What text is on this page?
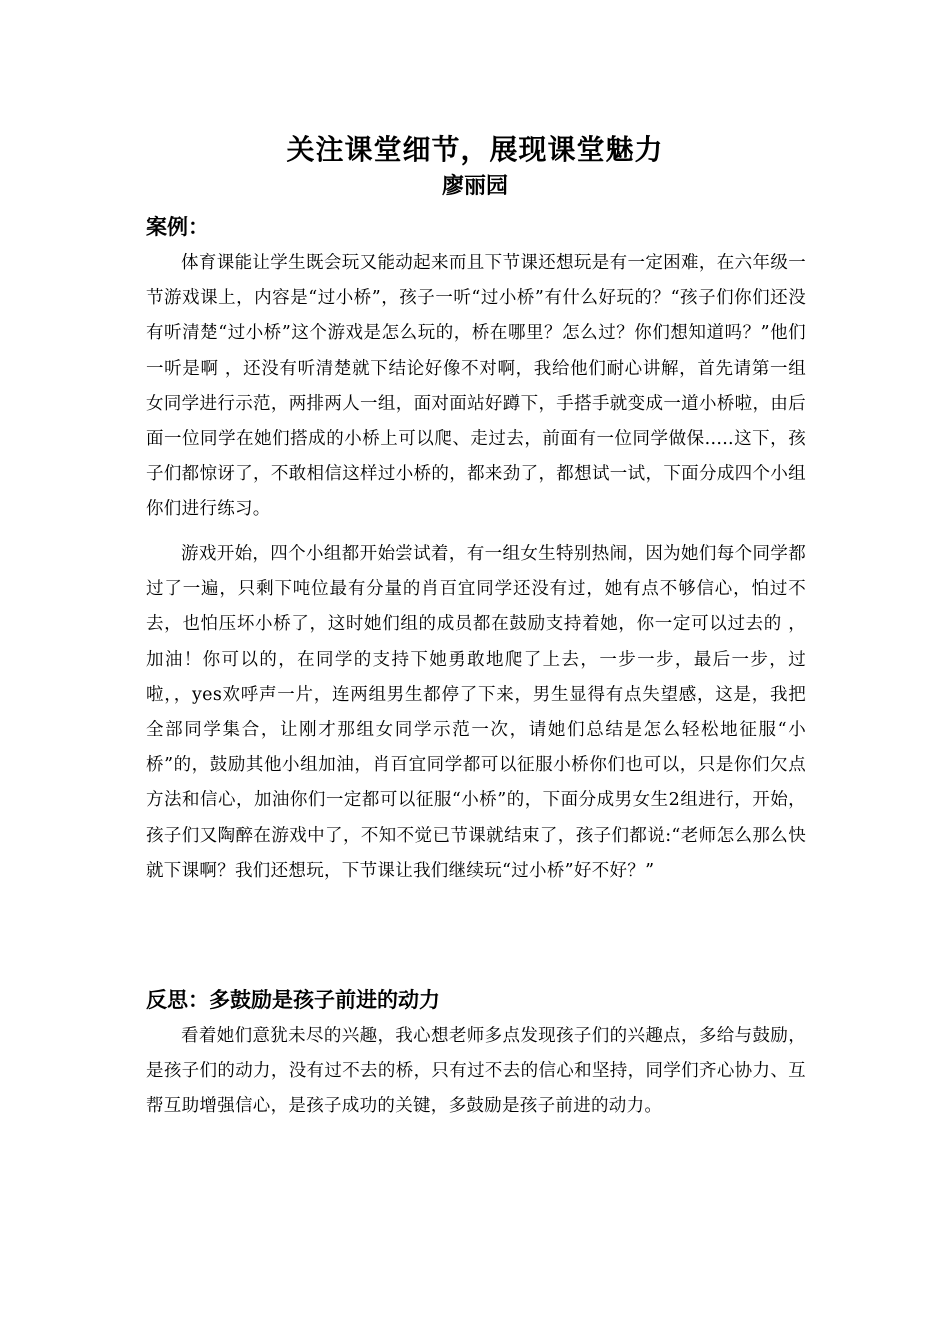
关注课堂细节，展现课堂魅力
廖丽园
案例：

体育课能让学生既会玩又能动起来而且下节课还想玩是有一定困难，在六年级一节游戏课上，内容是“过小桥”，孩子一听“过小桥”有什么好玩的？“孩子们你们还没有听清楚“过小桥”这个游戏是怎么玩的，桥在哪里？怎么过？你们想知道吗？”他们一听是啊 ，还没有听清楚就下结论好像不对啊，我给他们耐心讲解，首先请第一组女同学进行示范，两排两人一组，面对面站好蹲下，手搭手就变成一道小桥啦，由后面一位同学在她们搭成的小桥上可以爬、走过去，前面有一位同学做保.....这下，孩子们都惊讶了，不敢相信这样过小桥的，都来劲了，都想试一试，下面分成四个小组你们进行练习。

游戏开始，四个小组都开始尝试着，有一组女生特别热闹，因为她们每个同学都过了一遍，只剩下吨位最有分量的肖百宜同学还没有过，她有点不够信心，怕过不去，也怕压坏小桥了，这时她们组的成员都在鼓励支持着她，你一定可以过去的 ，加油！你可以的，在同学的支持下她勇敢地爬了上去，一步一步，最后一步，过啦，，yes欢呼声一片，连两组男生都停了下来，男生显得有点失望感，这是，我把全部同学集合，让刚才那组女同学示范一次，请她们总结是怎么轻松地征服“小桥”的，鼓励其他小组加油，肖百宜同学都可以征服小桥你们也可以，只是你们欠点方法和信心，加油你们一定都可以征服“小桥”的，下面分成男女生2组进行，开始，孩子们又陶醉在游戏中了，不知不觉已节课就结束了，孩子们都说:“老师怎么那么快就下课啊？我们还想玩，下节课让我们继续玩“过小桥”好不好？”

反思：多鼓励是孩子前进的动力

看着她们意犹未尽的兴趣，我心想老师多点发现孩子们的兴趣点，多给与鼓励，是孩子们的动力，没有过不去的桥，只有过不去的信心和坚持，同学们齐心协力、互帮互助增强信心，是孩子成功的关键，多鼓励是孩子前进的动力。
